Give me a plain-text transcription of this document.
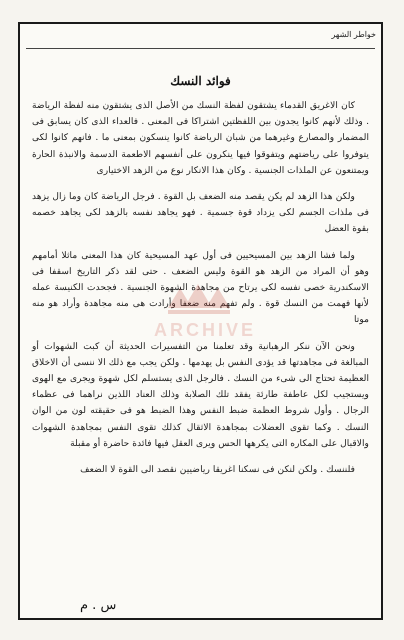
خواطر الشهر
فوائد النسك

كان الاغريق القدماء يشتقون لفظة النسك من الأصل الذى يشتقون منه لفظة الرياضة . وذلك لأنهم كانوا يجدون بين اللفظتين اشتراكا فى المعنى . فالعداء الذى كان يسابق فى المضمار والمصارع وغيرهما من شبان الرياضة كانوا ينسكون بمعنى ما . فانهم كانوا لكى يتوفروا على رياضتهم ويتفوقوا فيها ينكرون على أنفسهم الاطعمة الدسمة والانبذة الحارة ويمتنعون عن الملذات الجنسية . وكان هذا الانكار نوع من الزهد الاختيارى

ولكن هذا الزهد لم يكن يقصد منه الضعف بل القوة . فرجل الرياضة كان وما زال يزهد فى ملذات الجسم لكى يزداد قوة جسمية . فهو يجاهد نفسه بالزهد لكى يجاهد خصمه بقوة العضل

ولما فشا الزهد بين المسيحيين فى أول عهد المسيحية كان هذا المعنى ماثلا أمامهم وهو أن المراد من الزهد هو القوة وليس الضعف . حتى لقد ذكر التاريخ اسقفا فى الاسكندرية خصى نفسه لكى يرتاح من مجاهدة الشهوة الجنسية . فجحدت الكنيسة عمله لأنها فهمت من النسك قوة . ولم تفهم منه ضعفا وأرادت هى منه مجاهدة وأراد هو منه موتا

ونحن الآن ننكر الرهبانية وقد تعلمنا من التفسيرات الحديثة أن كبت الشهوات أو المبالغة فى مجاهدتها قد يؤدى النفس بل يهدمها . ولكن يجب مع ذلك الا ننسى أن الاخلاق العظيمة تحتاج الى شىء من النسك . فالرجل الذى يستسلم لكل شهوة ويجرى مع الهوى ويستجيب لكل عاطفة طارئة يفقد تلك الصلابة وذلك العناد اللذين نراهما فى عظماء الرجال . وأول شروط العظمة ضبط النفس وهذا الضبط هو فى حقيقته لون من الوان النسك . وكما تقوى العضلات بمجاهدة الاثقال كذلك تقوى النفس بمجاهدة الشهوات والاقبال على المكاره التى يكرهها الحس ويرى العقل فيها فائدة حاضرة أو مقبلة

فلننسك . ولكن لنكن فى نسكنا اغريقا رياضيين نقصد الى القوة لا الضعف

س . م
